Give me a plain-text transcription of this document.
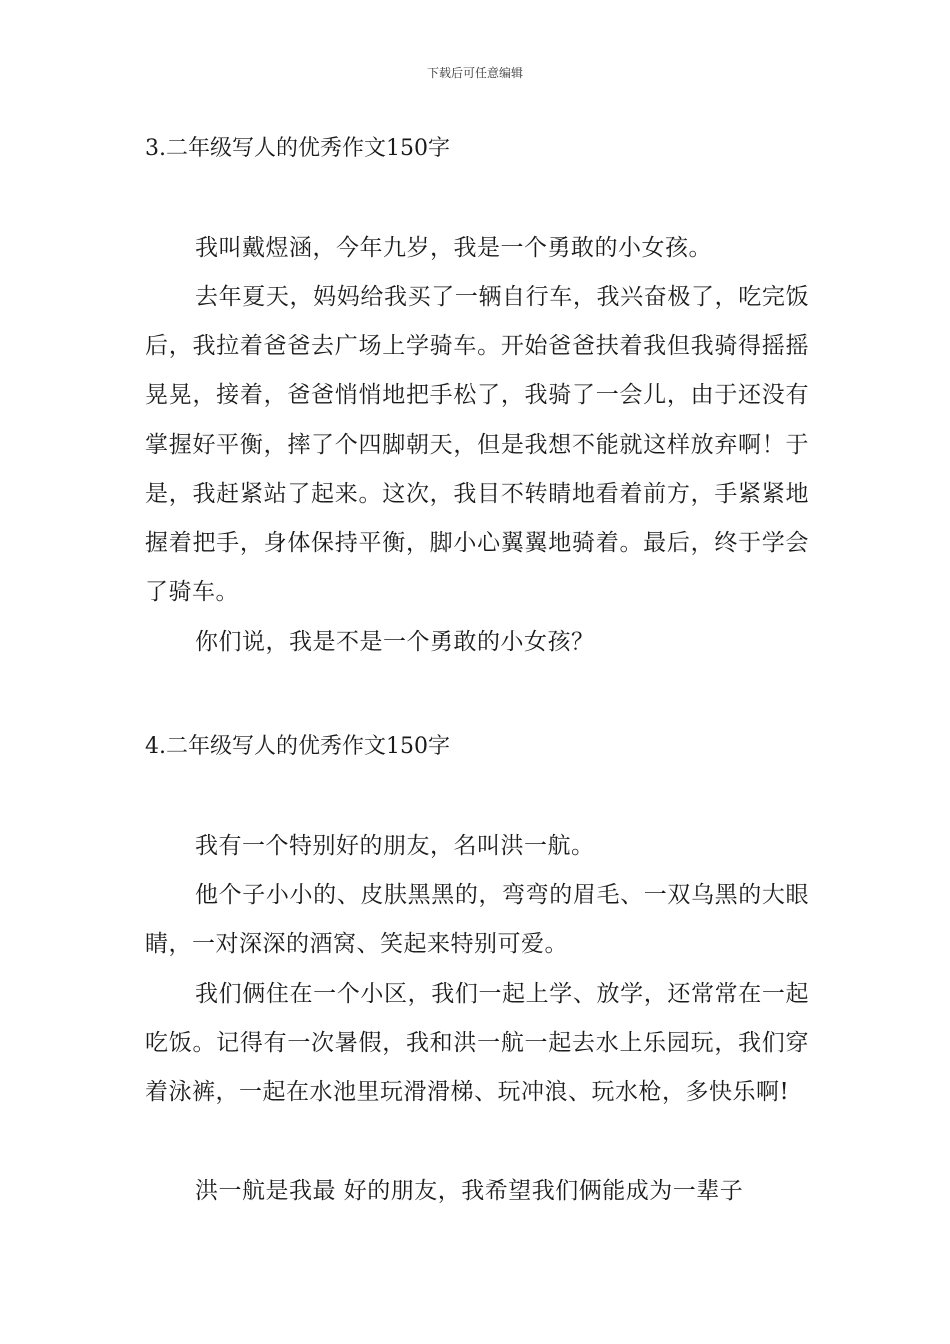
下载后可任意编辑
3.二年级写人的优秀作文150字

我叫戴煜涵，今年九岁，我是一个勇敢的小女孩。

去年夏天，妈妈给我买了一辆自行车，我兴奋极了，吃完饭后，我拉着爸爸去广场上学骑车。开始爸爸扶着我但我骑得摇摇晃晃，接着，爸爸悄悄地把手松了，我骑了一会儿，由于还没有掌握好平衡，摔了个四脚朝天，但是我想不能就这样放弃啊！于是，我赶紧站了起来。这次，我目不转睛地看着前方，手紧紧地握着把手，身体保持平衡，脚小心翼翼地骑着。最后，终于学会了骑车。

你们说，我是不是一个勇敢的小女孩？

4.二年级写人的优秀作文150字

我有一个特别好的朋友，名叫洪一航。

他个子小小的、皮肤黑黑的，弯弯的眉毛、一双乌黑的大眼睛，一对深深的酒窝、笑起来特别可爱。

我们俩住在一个小区，我们一起上学、放学，还常常在一起吃饭。记得有一次暑假，我和洪一航一起去水上乐园玩，我们穿着泳裤，一起在水池里玩滑滑梯、玩冲浪、玩水枪，多快乐啊!

洪一航是我最 好的朋友，我希望我们俩能成为一辈子
